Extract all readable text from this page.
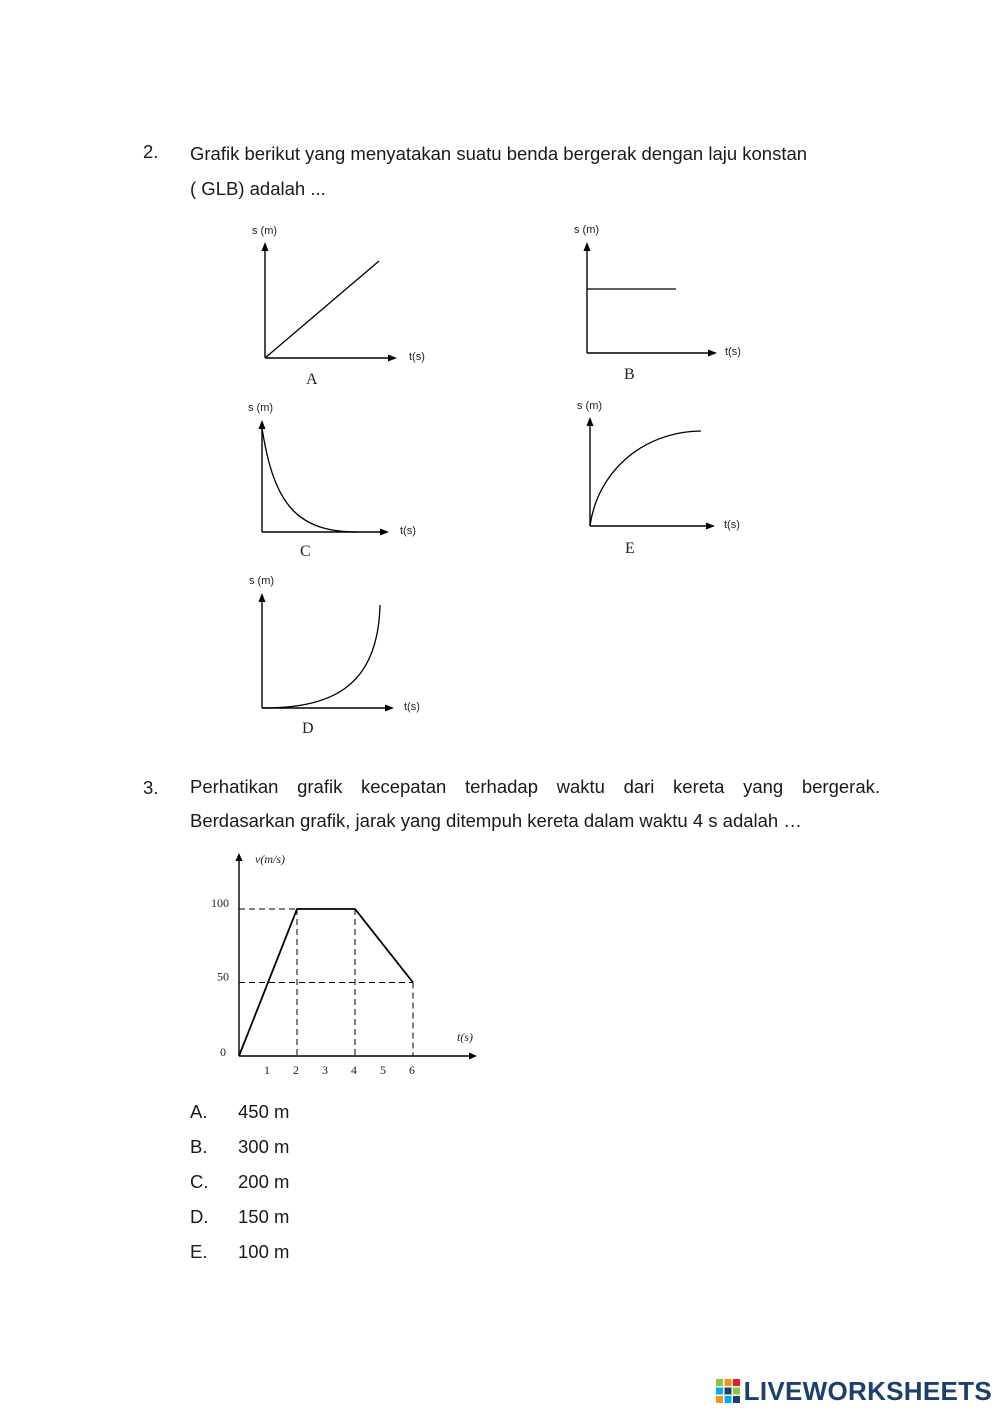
2. Grafik berikut yang menyatakan suatu benda bergerak dengan laju konstan
( GLB) adalah ...
s (m)
t(s)
A
s (m)
t(s)
B
s (m)
t(s)
C
s (m)
t(s)
E
s (m)
t(s)
D
3. Perhatikan grafik kecepatan terhadap waktu dari kereta yang bergerak.
Berdasarkan grafik, jarak yang ditempuh kereta dalam waktu 4 s adalah …
v(m/s)
t(s)
0
100
50
1 2 3 4 5 6
A. 450 m
B. 300 m
C. 200 m
D. 150 m
E. 100 m
LIVEWORKSHEETS
